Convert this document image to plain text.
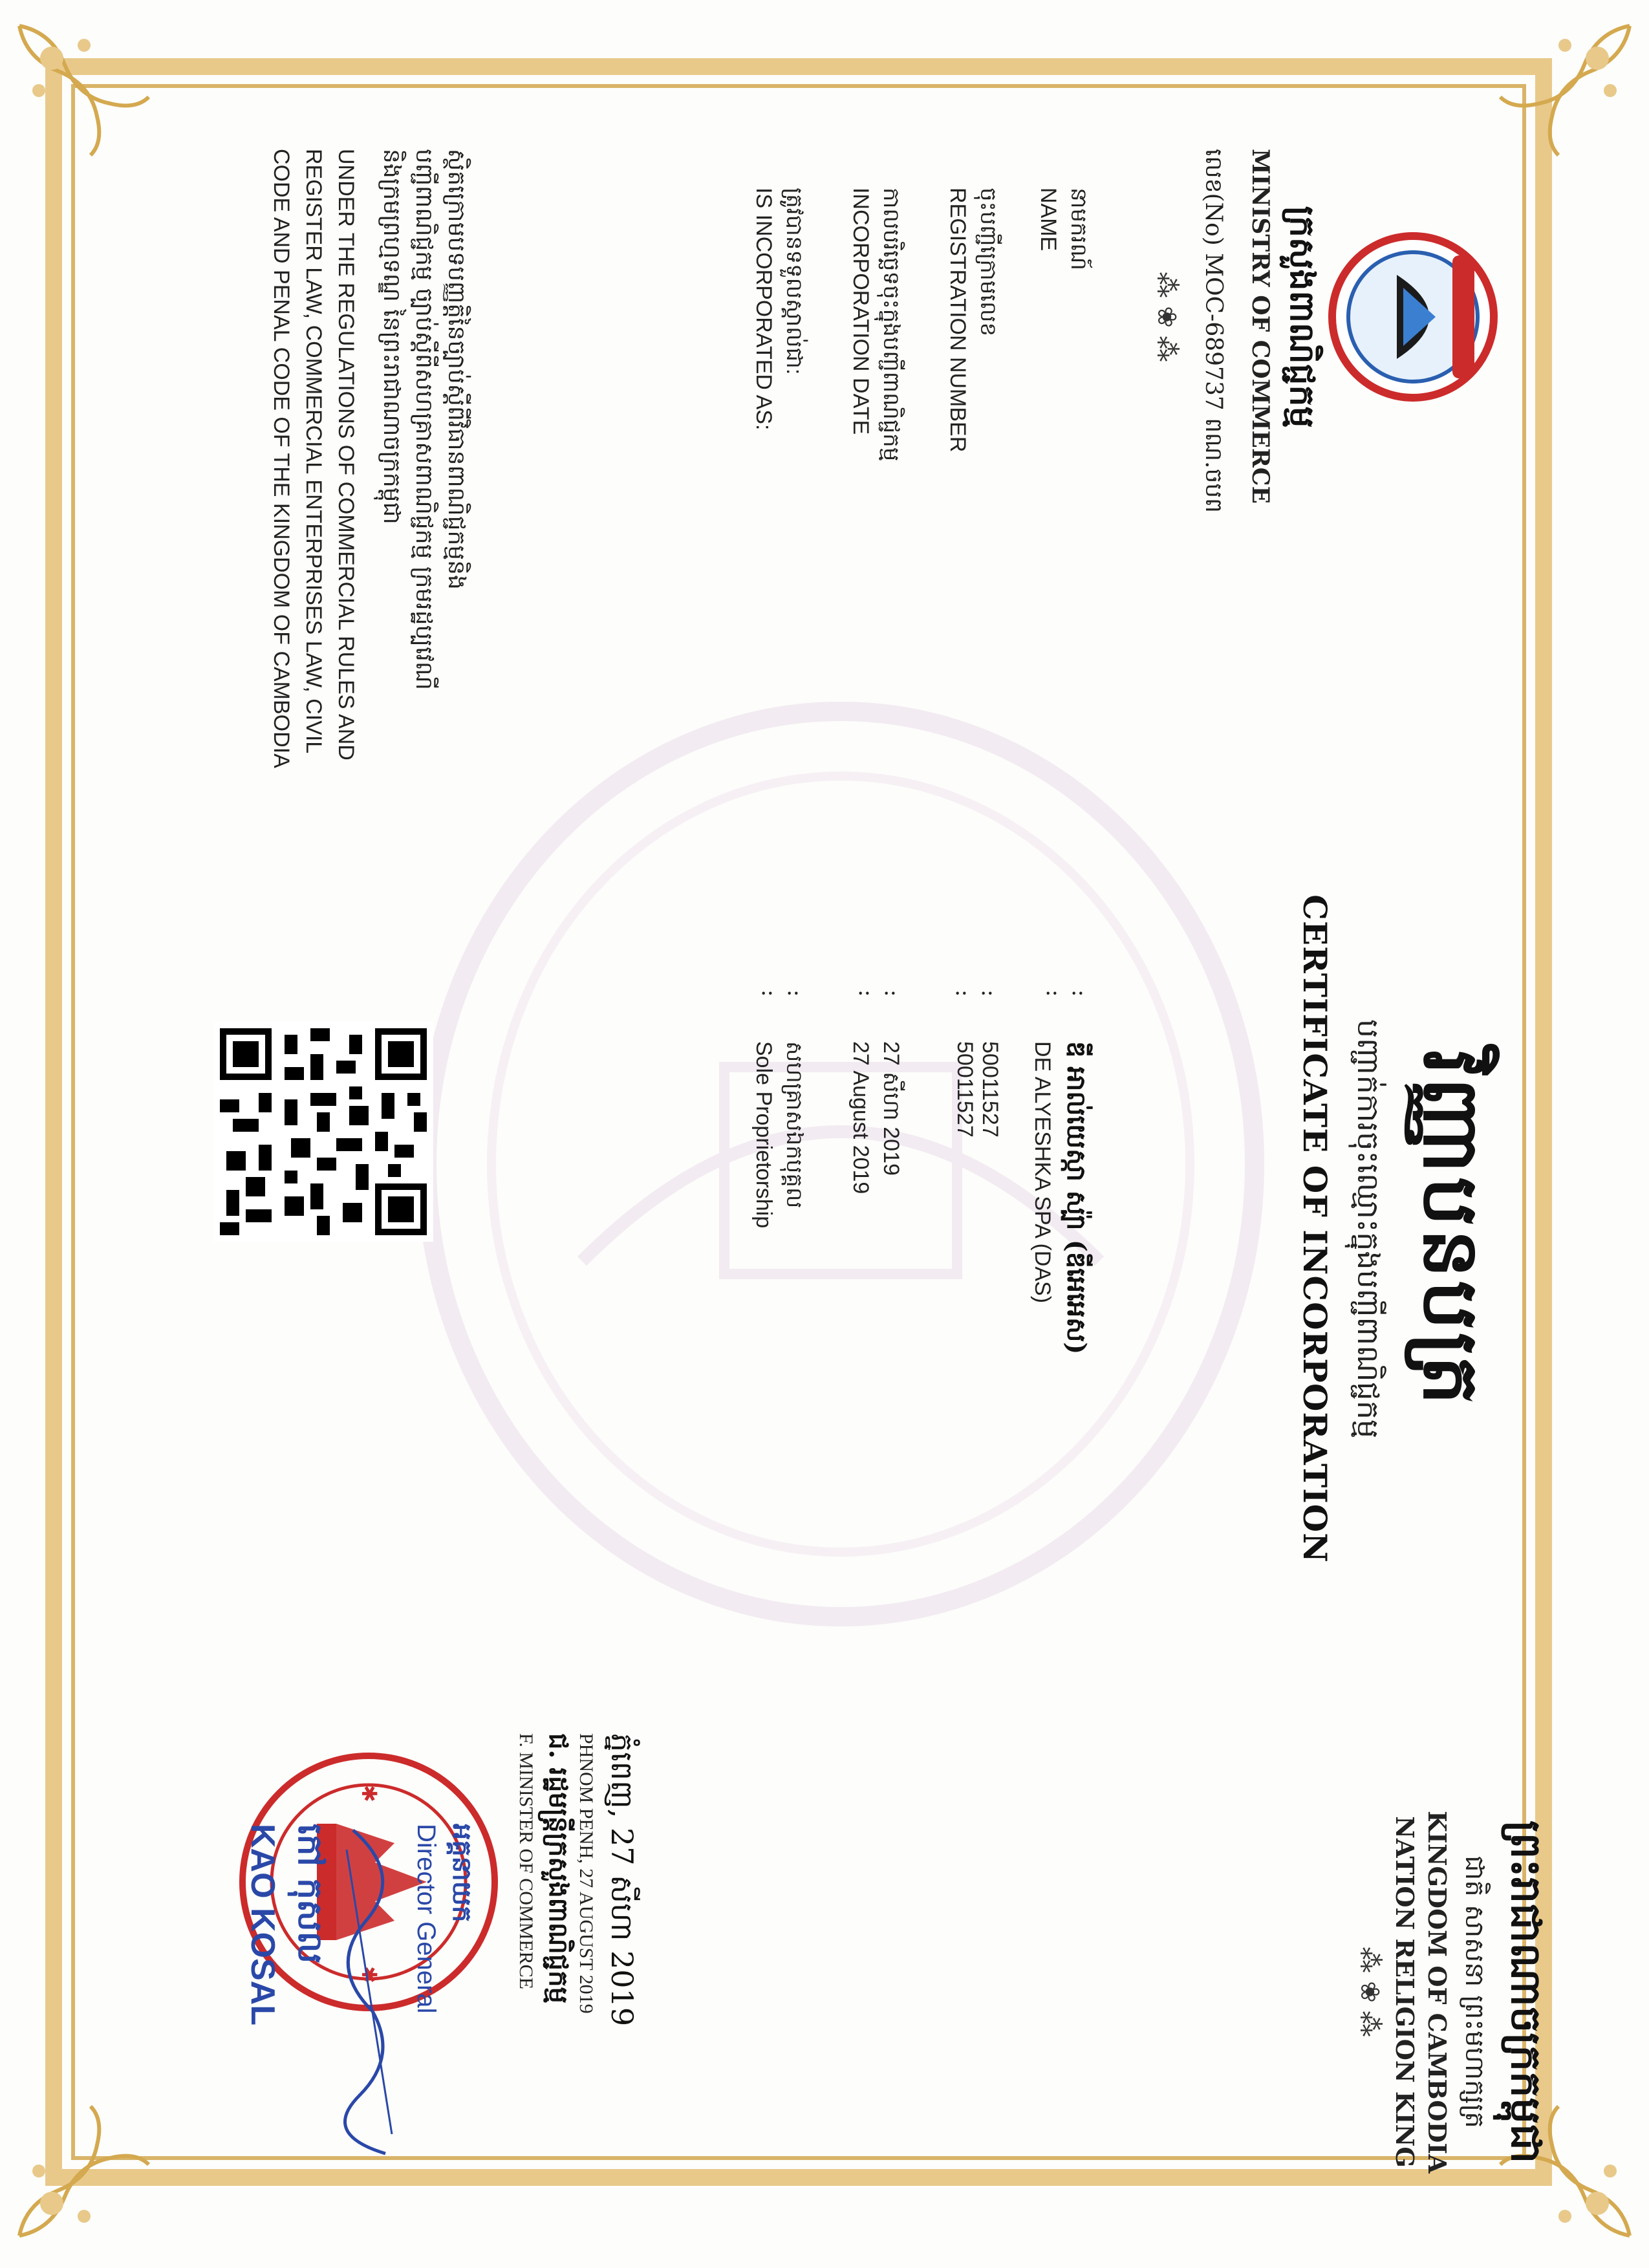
ព្រះរាជាណាចក្រកម្ពុជា
ជាតិ សាសនា ព្រះមហាក្សត្រ
KINGDOM OF CAMBODIA
NATION RELIGION KING
⁂ ❀ ⁂
វិញ្ញាបនបត្រ
បញ្ជាក់ការចុះឈ្មោះក្នុងបញ្ជីពាណិជ្ជកម្ម
CERTIFICATE OF INCORPORATION
ក្រសួងពាណិជ្ជកម្ម
MINISTRY OF COMMERCE
លេខ(No) MOC-689737 ពណ.ចបព
⁂ ❀ ⁂
នាមករណ៍
NAME
ចុះបញ្ជីក្រោមលេខ
REGISTRATION NUMBER
កាលបរិច្ឆេទចុះក្នុងបញ្ជីពាណិជ្ជកម្ម
INCORPORATION DATE
ត្រូវបានទទួលស្គាល់ជា:
IS INCORPORATED AS:
:
:
:
:
:
:
:
:
ឌី អាល់យេស្កា ស្ប៉ា (ឌីអេអេស)
DE ALYESHKA SPA (DAS)
50011527
50011527
27 សីហា 2019
27 August 2019
សហគ្រាសឯកបុគ្គល
Sole Proprietorship
ស្ថិតក្រោមបទបញ្ញត្តិនៃច្បាប់ស្តីពីវិធានពាណិជ្ជកម្មនិង
បញ្ជីពាណិជ្ជកម្ម ច្បាប់ស្តីពីសហគ្រាសពាណិជ្ជកម្ម ក្រមរដ្ឋប្បវេណី
និងក្រមព្រហ្មទណ្ឌ នៃព្រះរាជាណាចក្រកម្ពុជា
UNDER THE REGULATIONS OF COMMERCIAL RULES AND
REGISTER LAW, COMMERCIAL ENTERPRISES LAW, CIVIL
CODE AND PENAL CODE OF THE KINGDOM OF CAMBODIA
ភ្នំពេញ, 27 សីហា 2019
PHNOM PENH, 27 AUGUST 2019
ជ. រដ្ឋមន្ត្រីក្រសួងពាណិជ្ជកម្ម
F. MINISTER OF COMMERCE
✱
✱
អគ្គនាយក
Director General
កៅ កុសល
KAO KOSAL
